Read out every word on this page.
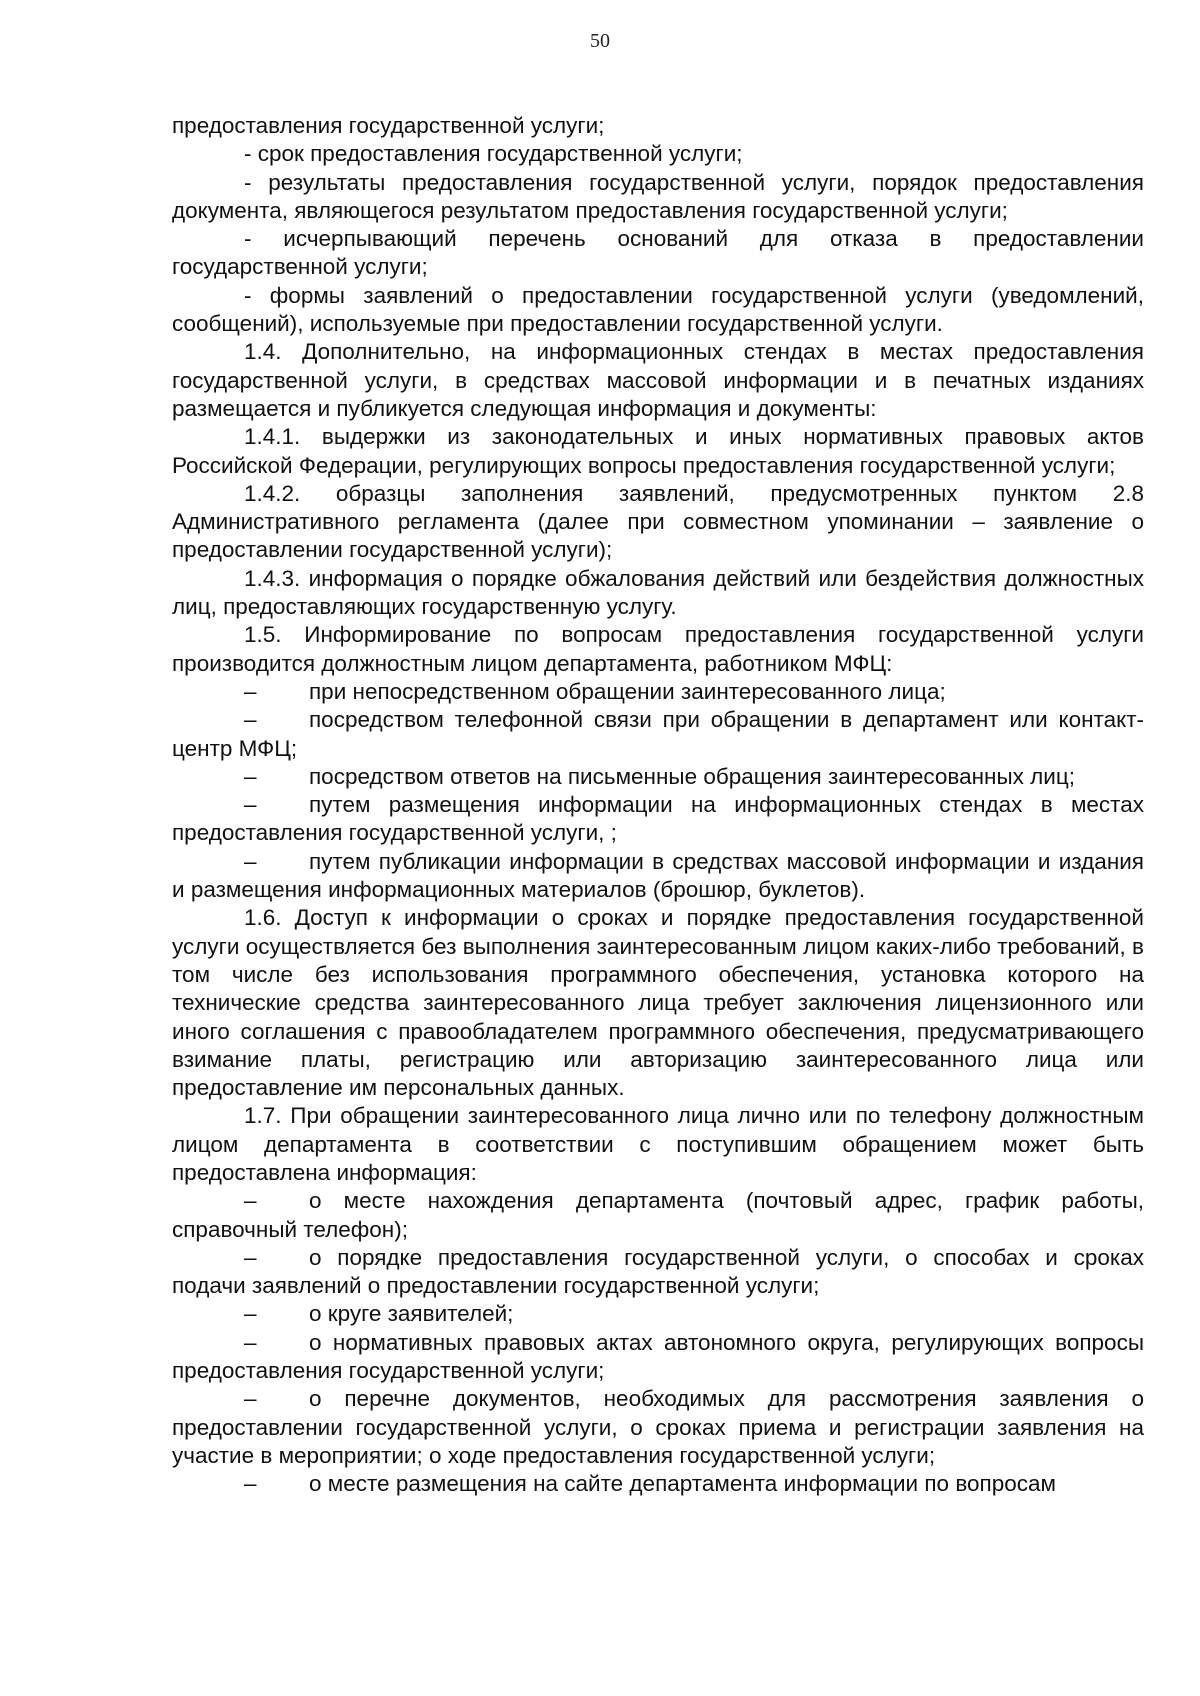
50

предоставления государственной услуги;

- срок предоставления государственной услуги;

- результаты предоставления государственной услуги, порядок предоставления документа, являющегося результатом предоставления государственной услуги;

- исчерпывающий перечень оснований для отказа в предоставлении государственной услуги;

- формы заявлений о предоставлении государственной услуги (уведомлений, сообщений), используемые при предоставлении государственной услуги.

1.4. Дополнительно, на информационных стендах в местах предоставления государственной услуги, в средствах массовой информации и в печатных изданиях размещается и публикуется следующая информация и документы:

1.4.1. выдержки из законодательных и иных нормативных правовых актов Российской Федерации, регулирующих вопросы предоставления государственной услуги;

1.4.2. образцы заполнения заявлений, предусмотренных пунктом 2.8 Административного регламента (далее при совместном упоминании – заявление о предоставлении государственной услуги);

1.4.3. информация о порядке обжалования действий или бездействия должностных лиц, предоставляющих государственную услугу.

1.5. Информирование по вопросам предоставления государственной услуги производится должностным лицом департамента, работником МФЦ:

– при непосредственном обращении заинтересованного лица;

– посредством телефонной связи при обращении в департамент или контакт-центр МФЦ;

– посредством ответов на письменные обращения заинтересованных лиц;

– путем размещения информации на информационных стендах в местах предоставления государственной услуги, ;

– путем публикации информации в средствах массовой информации и издания и размещения информационных материалов (брошюр, буклетов).

1.6. Доступ к информации о сроках и порядке предоставления государственной услуги осуществляется без выполнения заинтересованным лицом каких-либо требований, в том числе без использования программного обеспечения, установка которого на технические средства заинтересованного лица требует заключения лицензионного или иного соглашения с правообладателем программного обеспечения, предусматривающего взимание платы, регистрацию или авторизацию заинтересованного лица или предоставление им персональных данных.

1.7. При обращении заинтересованного лица лично или по телефону должностным лицом департамента в соответствии с поступившим обращением может быть предоставлена информация:

– о месте нахождения департамента (почтовый адрес, график работы, справочный телефон);

– о порядке предоставления государственной услуги, о способах и сроках подачи заявлений о предоставлении государственной услуги;

– о круге заявителей;

– о нормативных правовых актах автономного округа, регулирующих вопросы предоставления государственной услуги;

– о перечне документов, необходимых для рассмотрения заявления о предоставлении государственной услуги, о сроках приема и регистрации заявления на участие в мероприятии; о ходе предоставления государственной услуги;

– о месте размещения на сайте департамента информации по вопросам
